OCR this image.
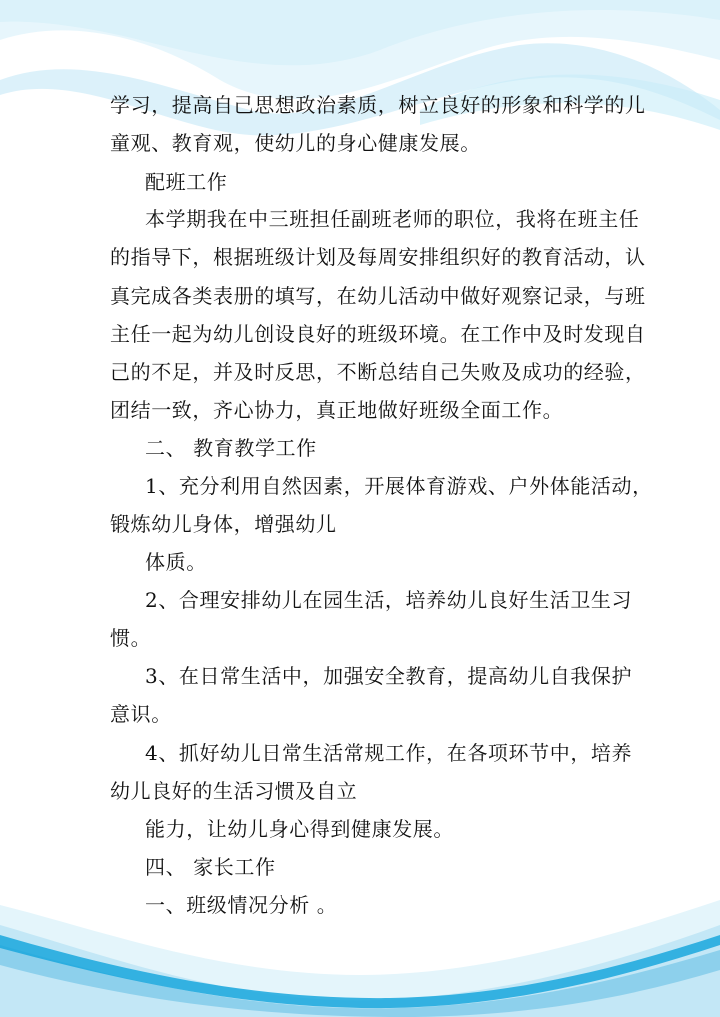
学习，提高自己思想政治素质，树立良好的形象和科学的儿
童观、教育观，使幼儿的身心健康发展。
配班工作
本学期我在中三班担任副班老师的职位，我将在班主任
的指导下，根据班级计划及每周安排组织好的教育活动，认
真完成各类表册的填写，在幼儿活动中做好观察记录，与班
主任一起为幼儿创设良好的班级环境。在工作中及时发现自
己的不足，并及时反思，不断总结自己失败及成功的经验，
团结一致，齐心协力，真正地做好班级全面工作。
二、 教育教学工作
1、充分利用自然因素，开展体育游戏、户外体能活动，
锻炼幼儿身体，增强幼儿
体质。
2、合理安排幼儿在园生活，培养幼儿良好生活卫生习
惯。
3、在日常生活中，加强安全教育，提高幼儿自我保护
意识。
4、抓好幼儿日常生活常规工作，在各项环节中，培养
幼儿良好的生活习惯及自立
能力，让幼儿身心得到健康发展。
四、 家长工作
一、班级情况分析 。
